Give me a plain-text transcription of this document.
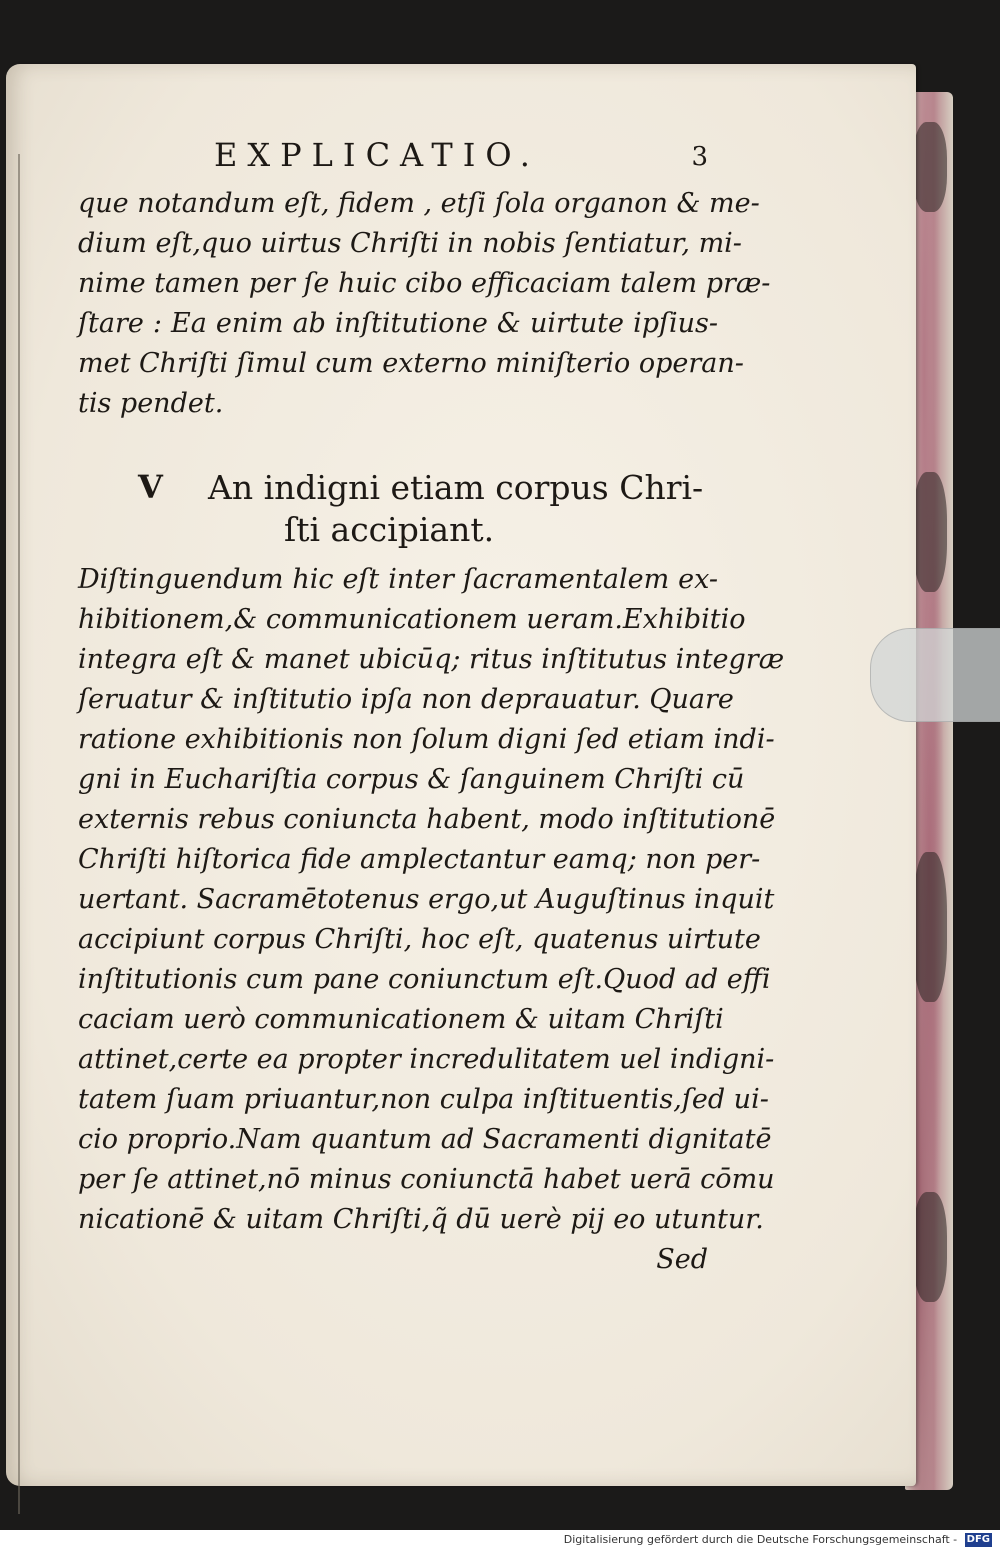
EXPLICATIO.	3
que notandum eſt, fidem , etſi ſola organon & me-
dium eſt,quo uirtus Chriſti in nobis ſentiatur, mi-
nime tamen per ſe huic cibo efficaciam talem præ-
ſtare : Ea enim ab inſtitutione & uirtute ipſius-
met Chriſti ſimul cum externo miniſterio operan-
tis pendet.
V An indigni etiam corpus Chri-
ſti accipiant.
Diſtinguendum hic eſt inter ſacramentalem ex-
hibitionem,& communicationem ueram.Exhibitio
integra eſt & manet ubicūq; ritus inſtitutus integræ
ſeruatur & inſtitutio ipſa non deprauatur. Quare
ratione exhibitionis non ſolum digni ſed etiam indi-
gni in Euchariſtia corpus & ſanguinem Chriſti cū
externis rebus coniuncta habent, modo inſtitutionē
Chriſti hiſtorica fide amplectantur eamq; non per-
uertant. Sacramētotenus ergo,ut Auguſtinus inquit
accipiunt corpus Chriſti, hoc eſt, quatenus uirtute
inſtitutionis cum pane coniunctum eſt.Quod ad effi
caciam uerò communicationem & uitam Chriſti
attinet,certe ea propter incredulitatem uel indigni-
tatem ſuam priuantur,non culpa inſtituentis,ſed ui-
cio proprio.Nam quantum ad Sacramenti dignitatē
per ſe attinet,nō minus coniunctā habet uerā cōmu
nicationē & uitam Chriſti,q̃ dū uerè pij eo utuntur.
Sed
Digitalisierung gefördert durch die Deutsche Forschungsgemeinschaft - DFG
